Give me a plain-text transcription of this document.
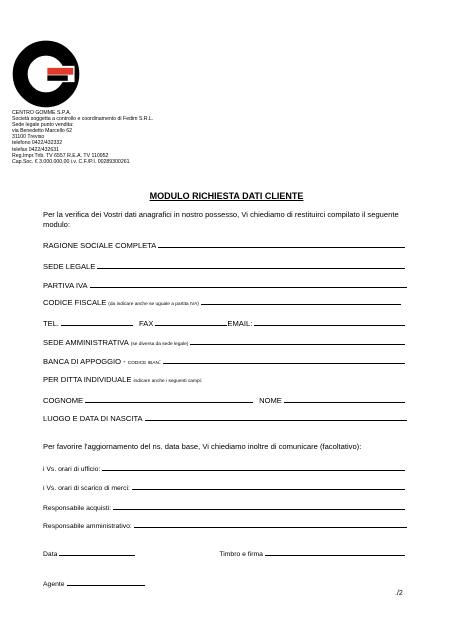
CENTRO GOMME S.P.A.
Società soggetta a controllo e coordinamento di Fedim S.R.L.
Sede legale punto vendita:
via Benedetto Marcello 62
31100 Treviso
telefono 0422/432332
telefax 0422/432631
Reg.Impr.Trib. TV 6557 R.E.A. TV 110952
Cap.Soc. € 3.000.000,00 i.v. C.F./P.I. 00289300261
MODULO RICHIESTA DATI CLIENTE
Per la verifica dei Vostri dati anagrafici in nostro possesso, Vi chiediamo di restituirci compilato il seguente modulo:
RAGIONE SOCIALE COMPLETA
SEDE LEGALE
PARTIVA IVA
CODICE FISCALE (da indicare anche se uguale a partita IVA)
TEL.	FAX	EMAIL:
SEDE AMMINISTRATIVA (se diversa da sede legale)
BANCA DI APPOGGIO - CODICE IBAN :
PER DITTA INDIVIDUALE indicare anche i seguenti campi:
COGNOME	NOME
LUOGO E DATA DI NASCITA
Per favorire l'aggiornamento del ns. data base, Vi chiediamo inoltre di comunicare (facoltativo):
i Vs. orari di ufficio:
i Vs. orari di scarico di merci:
Responsabile acquisti:
Responsabile amministrativo:
Data	Timbro e firma
Agente
./2
